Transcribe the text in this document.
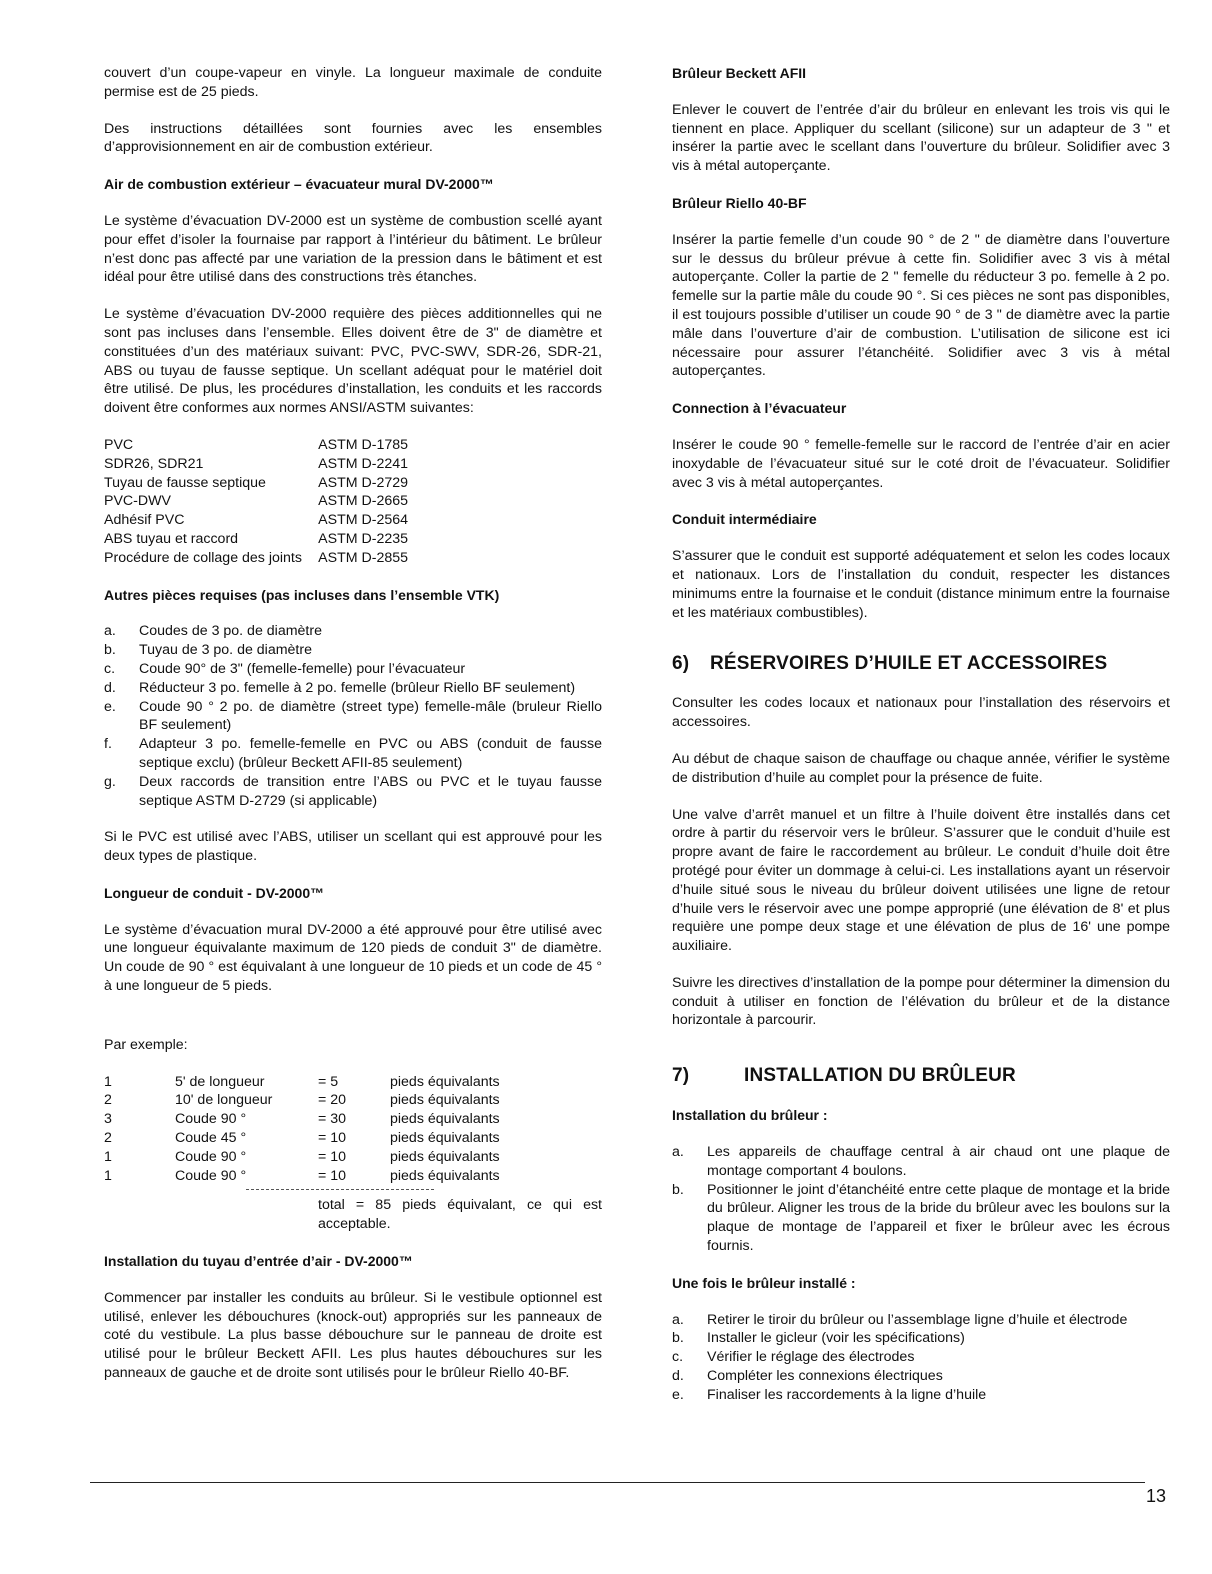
couvert d’un coupe-vapeur en vinyle. La longueur maximale de conduite permise est de 25 pieds.

Des instructions détaillées sont fournies avec les ensembles d’approvisionnement en air de combustion extérieur.

Air de combustion extérieur – évacuateur mural DV-2000™

Le système d’évacuation DV-2000 est un système de combustion scellé ayant pour effet d’isoler la fournaise par rapport à l’intérieur du bâtiment. Le brûleur n’est donc pas affecté par une variation de la pression dans le bâtiment et est idéal pour être utilisé dans des constructions très étanches.

Le système d’évacuation DV-2000 requière des pièces additionnelles qui ne sont pas incluses dans l’ensemble. Elles doivent être de 3" de diamètre et constituées d’un des matériaux suivant: PVC, PVC-SWV, SDR-26, SDR-21, ABS ou tuyau de fausse septique. Un scellant adéquat pour le matériel doit être utilisé. De plus, les procédures d’installation, les conduits et les raccords doivent être conformes aux normes ANSI/ASTM suivantes:

PVC	ASTM D-1785
SDR26, SDR21	ASTM D-2241
Tuyau de fausse septique	ASTM D-2729
PVC-DWV	ASTM D-2665
Adhésif PVC	ASTM D-2564
ABS tuyau et raccord	ASTM D-2235
Procédure de collage des joints	ASTM D-2855
Autres pièces requises (pas incluses dans l’ensemble VTK)
a.	Coudes de 3 po. de diamètre
b.	Tuyau de 3 po. de diamètre
c.	Coude 90° de 3" (femelle-femelle) pour l’évacuateur
d.	Réducteur 3 po. femelle à 2 po. femelle (brûleur Riello BF seulement)
e.	Coude 90 ° 2 po. de diamètre (street type) femelle-mâle (bruleur Riello BF seulement)
f.	Adapteur 3 po. femelle-femelle en PVC ou ABS (conduit de fausse septique exclu) (brûleur Beckett AFII-85 seulement)
g.	Deux raccords de transition entre l’ABS ou PVC et le tuyau fausse septique ASTM D-2729 (si applicable)

Si le PVC est utilisé avec l’ABS, utiliser un scellant qui est approuvé pour les deux types de plastique.

Longueur de conduit - DV-2000™

Le système d’évacuation mural DV-2000 a été approuvé pour être utilisé avec une longueur équivalante maximum de 120 pieds de conduit 3" de diamètre. Un coude de 90 ° est équivalant à une longueur de 10 pieds et un code de 45 ° à une longueur de 5 pieds.

Par exemple:

1	5' de longueur	= 5	pieds équivalants
2	10' de longueur	= 20	pieds équivalants
3	Coude 90 °	= 30	pieds équivalants
2	Coude 45 °	= 10	pieds équivalants
1	Coude 90 °	= 10	pieds équivalants
1	Coude 90 °	= 10	pieds équivalants
total = 85 pieds équivalant, ce qui est acceptable.
Installation du tuyau d’entrée d’air - DV-2000™

Commencer par installer les conduits au brûleur. Si le vestibule optionnel est utilisé, enlever les débouchures (knock-out) appropriés sur les panneaux de coté du vestibule. La plus basse débouchure sur le panneau de droite est utilisé pour le brûleur Beckett AFII. Les plus hautes débouchures sur les panneaux de gauche et de droite sont utilisés pour le brûleur Riello 40-BF.

Brûleur Beckett AFII

Enlever le couvert de l’entrée d’air du brûleur en enlevant les trois vis qui le tiennent en place. Appliquer du scellant (silicone) sur un adapteur de 3 " et insérer la partie avec le scellant dans l’ouverture du brûleur. Solidifier avec 3 vis à métal autoperçante.

Brûleur Riello 40-BF

Insérer la partie femelle d’un coude 90 ° de 2 " de diamètre dans l’ouverture sur le dessus du brûleur prévue à cette fin. Solidifier avec 3 vis à métal autoperçante. Coller la partie de 2 " femelle du réducteur 3 po. femelle à 2 po. femelle sur la partie mâle du coude 90 °. Si ces pièces ne sont pas disponibles, il est toujours possible d’utiliser un coude 90 ° de 3 " de diamètre avec la partie mâle dans l’ouverture d’air de combustion. L’utilisation de silicone est ici nécessaire pour assurer l’étanchéité. Solidifier avec 3 vis à métal autoperçantes.

Connection à l’évacuateur

Insérer le coude 90 ° femelle-femelle sur le raccord de l’entrée d’air en acier inoxydable de l’évacuateur situé sur le coté droit de l’évacuateur. Solidifier avec 3 vis à métal autoperçantes.

Conduit intermédiaire

S’assurer que le conduit est supporté adéquatement et selon les codes locaux et nationaux. Lors de l’installation du conduit, respecter les distances minimums entre la fournaise et le conduit (distance minimum entre la fournaise et les matériaux combustibles).

6) RÉSERVOIRES D’HUILE ET ACCESSOIRES

Consulter les codes locaux et nationaux pour l’installation des réservoirs et accessoires.

Au début de chaque saison de chauffage ou chaque année, vérifier le système de distribution d’huile au complet pour la présence de fuite.

Une valve d’arrêt manuel et un filtre à l’huile doivent être installés dans cet ordre à partir du réservoir vers le brûleur. S’assurer que le conduit d’huile est propre avant de faire le raccordement au brûleur. Le conduit d’huile doit être protégé pour éviter un dommage à celui-ci. Les installations ayant un réservoir d’huile situé sous le niveau du brûleur doivent utilisées une ligne de retour d’huile vers le réservoir avec une pompe approprié (une élévation de 8' et plus requière une pompe deux stage et une élévation de plus de 16' une pompe auxiliaire.

Suivre les directives d’installation de la pompe pour déterminer la dimension du conduit à utiliser en fonction de l’élévation du brûleur et de la distance horizontale à parcourir.

7)	INSTALLATION DU BRÛLEUR
Installation du brûleur :
a.	Les appareils de chauffage central à air chaud ont une plaque de montage comportant 4 boulons.
b.	Positionner le joint d’étanchéité entre cette plaque de montage et la bride du brûleur. Aligner les trous de la bride du brûleur avec les boulons sur la plaque de montage de l’appareil et fixer le brûleur avec les écrous fournis.
Une fois le brûleur installé :
a.	Retirer le tiroir du brûleur ou l’assemblage ligne d’huile et électrode
b.	Installer le gicleur (voir les spécifications)
c.	Vérifier le réglage des électrodes
d.	Compléter les connexions électriques
e.	Finaliser les raccordements à la ligne d’huile
13
